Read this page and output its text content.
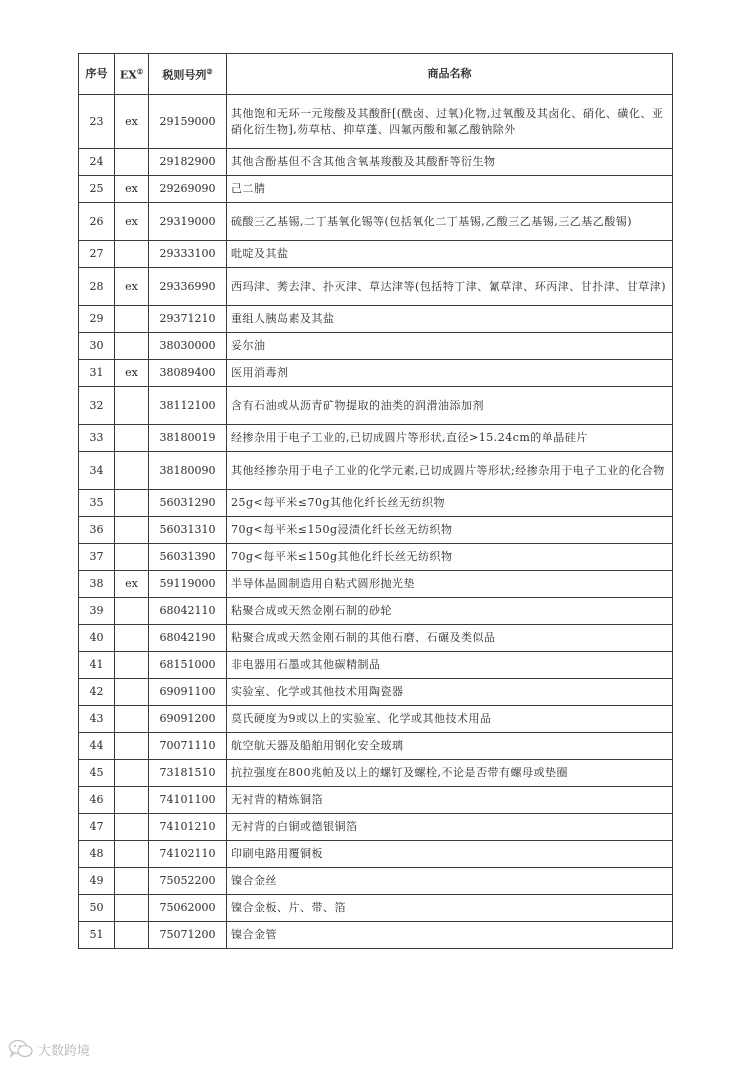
序号	EX①	税则号列②	商品名称
23	ex	29159000	其他饱和无环一元羧酸及其酸酐[(酰卤、过氧)化物,过氧酸及其卤化、硝化、磺化、亚硝化衍生物],芴草枯、抑草蓬、四氟丙酸和氟乙酸钠除外
24		29182900	其他含酚基但不含其他含氧基羧酸及其酸酐等衍生物
25	ex	29269090	己二腈
26	ex	29319000	硫酸三乙基锡,二丁基氧化锡等(包括氧化二丁基锡,乙酸三乙基锡,三乙基乙酸锡)
27		29333100	吡啶及其盐
28	ex	29336990	西玛津、莠去津、扑灭津、草达津等(包括特丁津、氰草津、环丙津、甘扑津、甘草津)
29		29371210	重组人胰岛素及其盐
30		38030000	妥尔油
31	ex	38089400	医用消毒剂
32		38112100	含有石油或从沥青矿物提取的油类的润滑油添加剂
33		38180019	经掺杂用于电子工业的,已切成圆片等形状,直径>15.24cm的单晶硅片
34		38180090	其他经掺杂用于电子工业的化学元素,已切成圆片等形状;经掺杂用于电子工业的化合物
35		56031290	25g<每平米≤70g其他化纤长丝无纺织物
36		56031310	70g<每平米≤150g浸渍化纤长丝无纺织物
37		56031390	70g<每平米≤150g其他化纤长丝无纺织物
38	ex	59119000	半导体晶圆制造用自粘式圆形抛光垫
39		68042110	粘聚合成或天然金刚石制的砂轮
40		68042190	粘聚合成或天然金刚石制的其他石磨、石碾及类似品
41		68151000	非电器用石墨或其他碳精制品
42		69091100	实验室、化学或其他技术用陶瓷器
43		69091200	莫氏硬度为9或以上的实验室、化学或其他技术用品
44		70071110	航空航天器及船舶用钢化安全玻璃
45		73181510	抗拉强度在800兆帕及以上的螺钉及螺栓,不论是否带有螺母或垫圈
46		74101100	无衬背的精炼铜箔
47		74101210	无衬背的白铜或德银铜箔
48		74102110	印刷电路用覆铜板
49		75052200	镍合金丝
50		75062000	镍合金板、片、带、箔
51		75071200	镍合金管
大数跨境
